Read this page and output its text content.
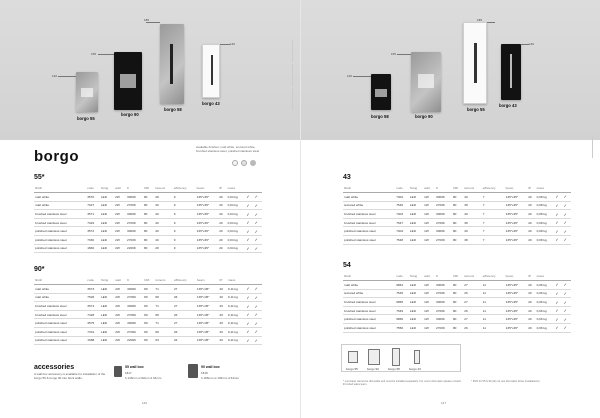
140
155
185
140
borgo 55
borgo 90
borgo 58
borgo 43
borgo
available finishes: matt white, textured white, brushed stainless steel, polished stainless steel
55*
finish	code	fixing	watt	K	CRI	lumens	efficiency	beam	IP	mass		
matt white	3570	LED	2W	3000K	80	28	9	135°x45°	20	0,04 kg	✓	✓
matt white	7327	LED	2W	2700K	80	40	9	135°x45°	20	0,04 kg	✓	✓
brushed stainless steel	3571	LED	2W	3000K	80	40	9	135°x45°	20	0,04 kg	✓	✓
brushed stainless steel	7329	LED	2W	2700K	80	40	9	135°x45°	20	0,04 kg	✓	✓
polished stainless steel	3572	LED	2W	3000K	80	40	9	135°x45°	20	0,04 kg	✓	✓
polished stainless steel	7330	LED	2W	2700K	80	40	9	135°x45°	20	0,04 kg	✓	✓
polished stainless steel	1660	LED	2W	2200K	80	28	9	135°x45°	20	0,04 kg	✓	✓
90*
finish	code	fixing	watt	K	CRI	lumens	efficiency	beam	IP	mass		
matt white	3573	LED	2W	3000K	80	71	27	135°x45°	20	0,11 kg	✓	✓
matt white	7526	LED	2W	2700K	80	68	26	135°x45°	20	0,11 kg	✓	✓
brushed stainless steel	3574	LED	2W	3000K	80	71	27	135°x45°	20	0,11 kg	✓	✓
brushed stainless steel	7328	LED	2W	2700K	80	68	26	135°x45°	20	0,11 kg	✓	✓
polished stainless steel	3575	LED	2W	3000K	80	71	27	135°x45°	20	0,11 kg	✓	✓
polished stainless steel	7331	LED	2W	2700K	80	68	26	135°x45°	20	0,11 kg	✓	✓
polished stainless steel	1688	LED	2W	2200K	80	63	24	135°x45°	20	0,11 kg	✓	✓
accessories
A wall box accessory is available for installation of the borgo 55 & borgo 90 into brick walls.
55 wall box
1817
h 146mm w 82mm d 64mm
90 wall box
1818
h 186mm w 106mm d 64mm
146
140
155
185
140
borgo 58	borgo 90
borgo 55
borgo 43
43
finish	code	fixing	watt	K	CRI	lumens	efficiency	beam	IP	mass		
matt white	7402	LED	1W	3000K	80	40	7	135°x45°	20	0,08 kg	✓	✓
textured white	7546	LED	1W	2700K	80	38	7	135°x45°	20	0,08 kg	✓	✓
brushed stainless steel	7403	LED	1W	3000K	80	40	7	135°x45°	20	0,08 kg	✓	✓
brushed stainless steel	7547	LED	1W	2700K	80	38	7	135°x45°	20	0,08 kg	✓	✓
polished stainless steel	7404	LED	1W	3000K	80	40	7	135°x45°	20	0,08 kg	✓	✓
polished stainless steel	7548	LED	1W	2700K	80	38	7	135°x45°	20	0,08 kg	✓	✓
54
finish	code	fixing	watt	K	CRI	lumens	efficiency	beam	IP	mass		
matt white	9864	LED	1W	3000K	80	27	11	135°x45°	20	0,06 kg	✓	✓
textured white	7545	LED	1W	2700K	80	26	11	135°x45°	20	0,06 kg	✓	✓
brushed stainless steel	9865	LED	1W	3000K	80	27	11	135°x45°	20	0,06 kg	✓	✓
brushed stainless steel	7549	LED	1W	2700K	80	26	11	135°x45°	20	0,06 kg	✓	✓
polished stainless steel	9866	LED	1W	3000K	80	27	11	135°x45°	20	0,06 kg	✓	✓
polished stainless steel	7550	LED	1W	2700K	80	26	11	135°x45°	20	0,06 kg	✓	✓
borgo 55	borgo 90	borgo 58	borgo 43
* Luminaire cannot be dimmable and must be installed separately. For more information please contact lit limited sales team.
* IP20 for 55 & 90 (do not use dimmable driver installations)
147
